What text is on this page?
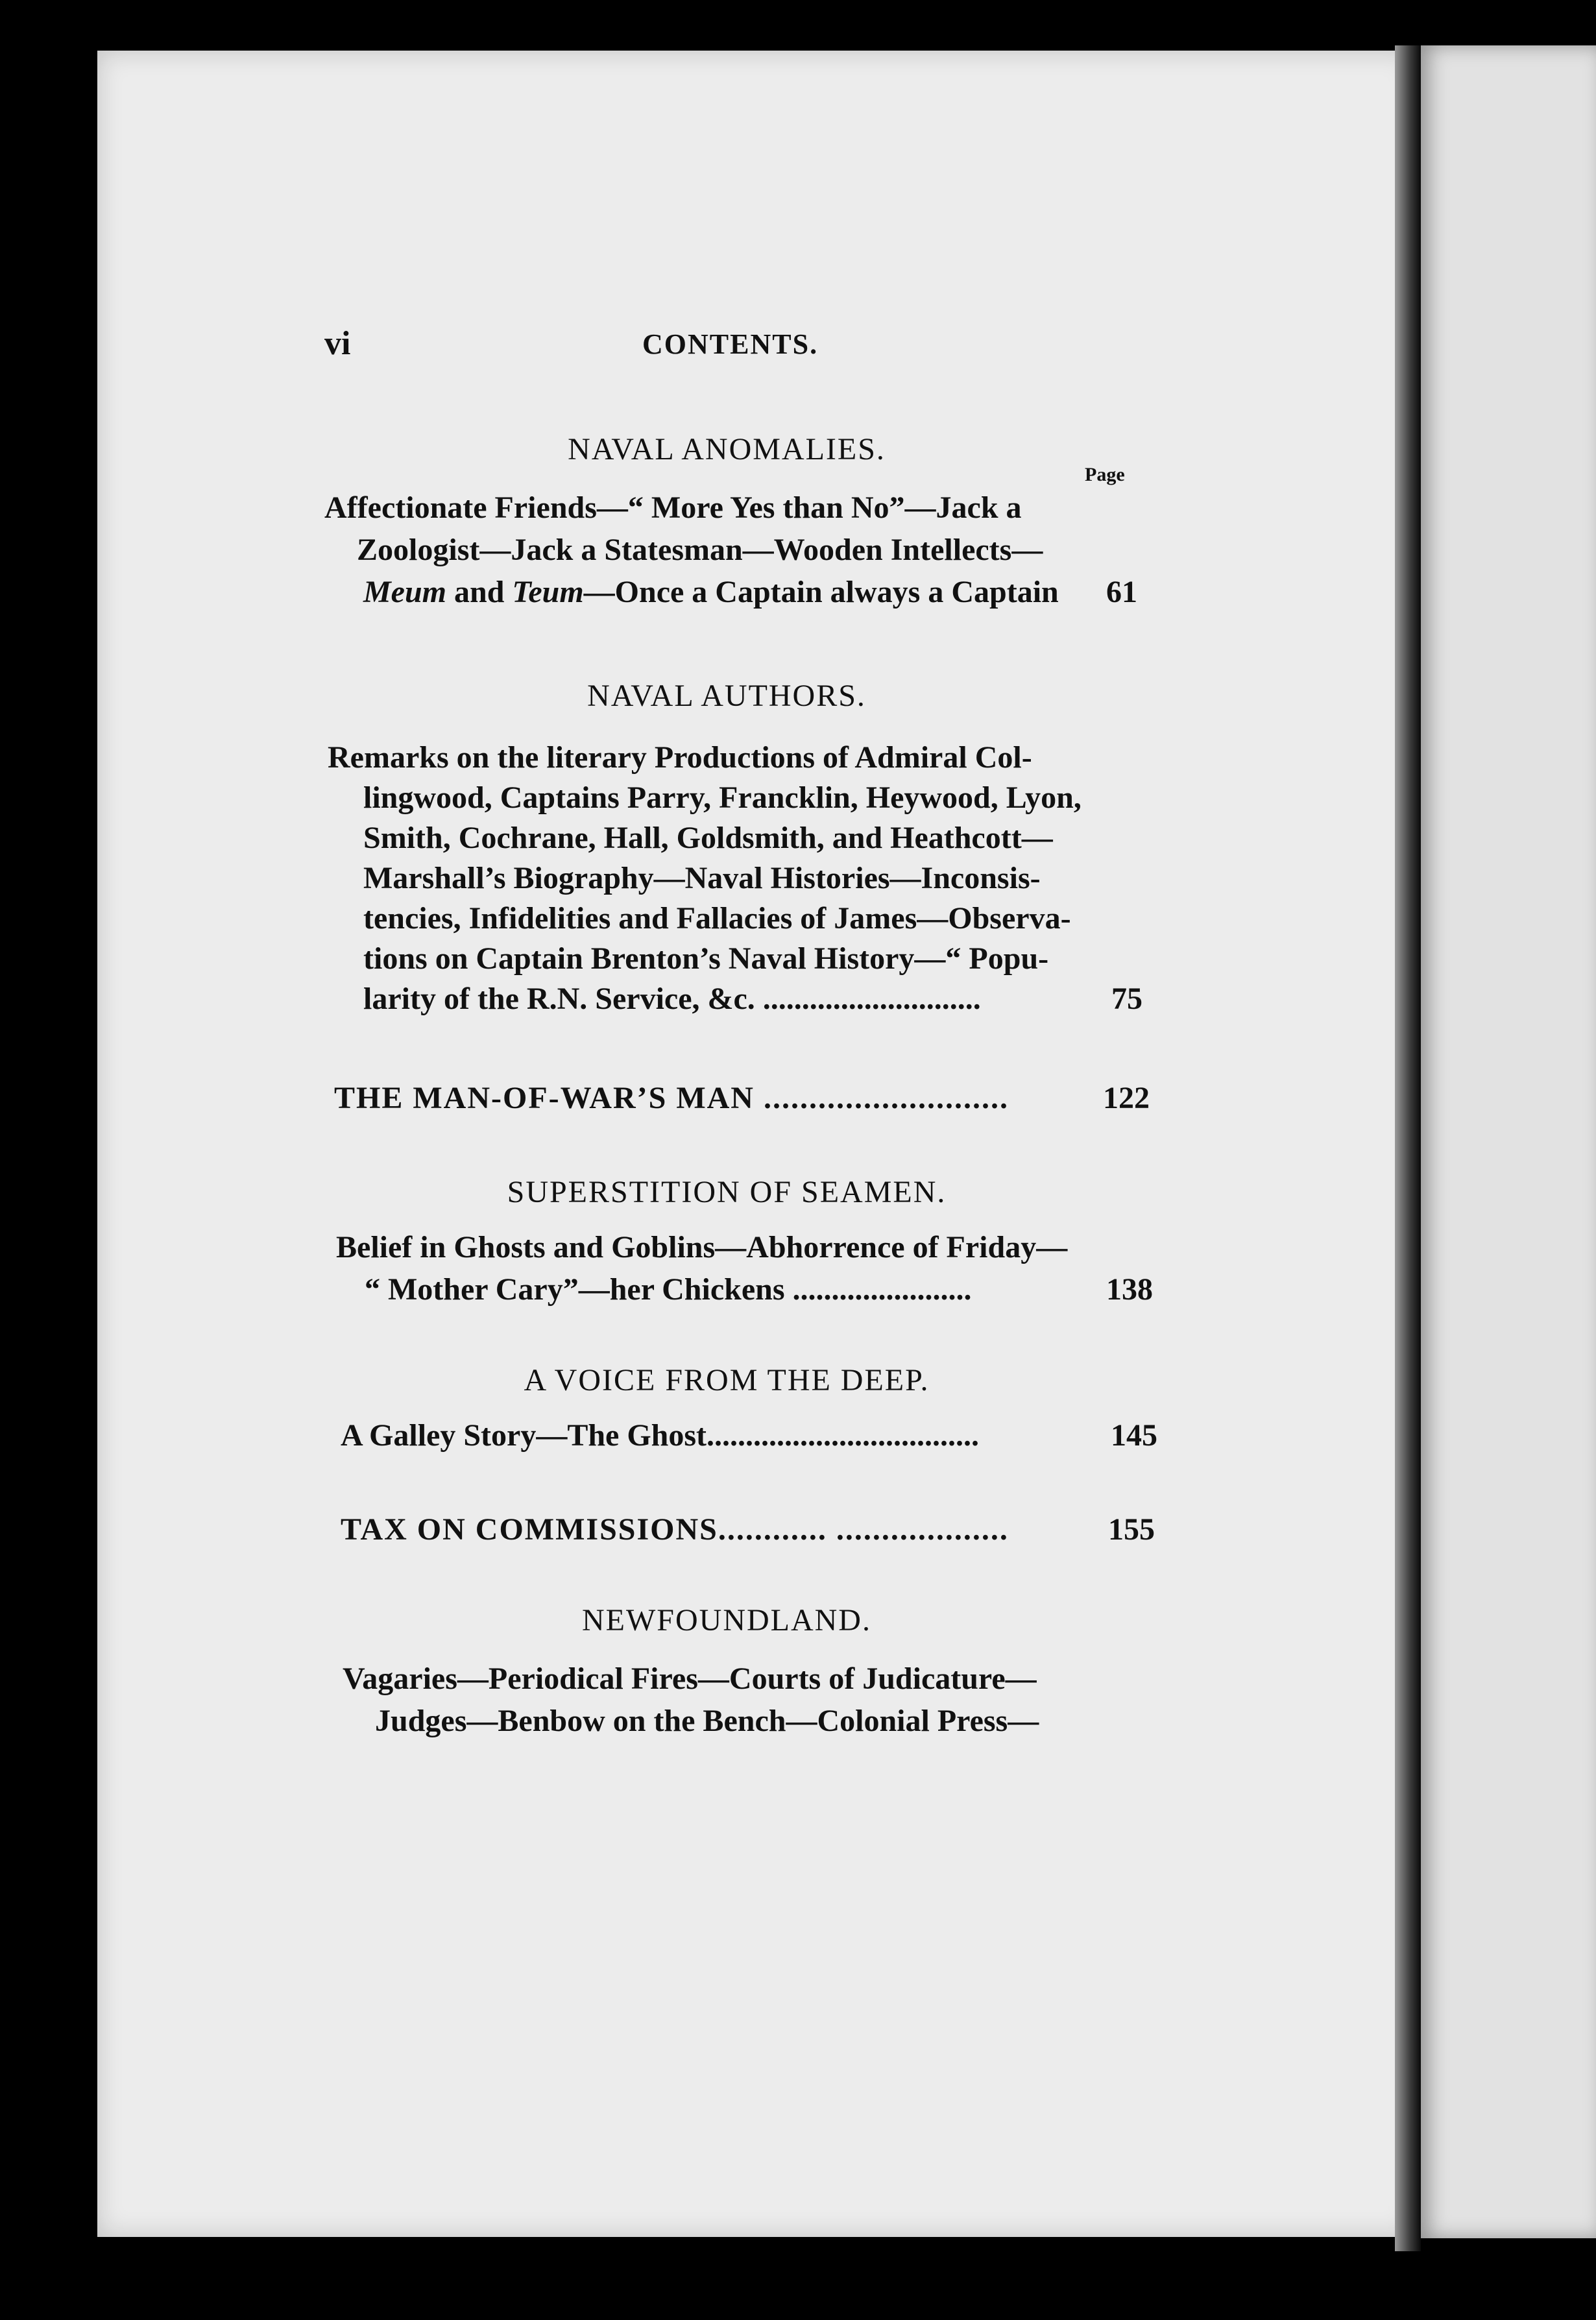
vi	CONTENTS.
NAVAL ANOMALIES.
Page
Affectionate Friends—“ More Yes than No”—Jack a
Zoologist—Jack a Statesman—Wooden Intellects—
Meum and Teum—Once a Captain always a Captain 61
NAVAL AUTHORS.
Remarks on the literary Productions of Admiral Col-
lingwood, Captains Parry, Francklin, Heywood, Lyon,
Smith, Cochrane, Hall, Goldsmith, and Heathcott—
Marshall’s Biography—Naval Histories—Inconsis-
tencies, Infidelities and Fallacies of James—Observa-
tions on Captain Brenton’s Naval History—“ Popu-
larity of the R.N. Service, &c. ............................	75
THE MAN-OF-WAR’S MAN ...........................	122
SUPERSTITION OF SEAMEN.
Belief in Ghosts and Goblins—Abhorrence of Friday—
“ Mother Cary”—her Chickens .......................	138
A VOICE FROM THE DEEP.
A Galley Story—The Ghost...................................	145
TAX ON COMMISSIONS............ ...................	155
NEWFOUNDLAND.
Vagaries—Periodical Fires—Courts of Judicature—
Judges—Benbow on the Bench—Colonial Press—
